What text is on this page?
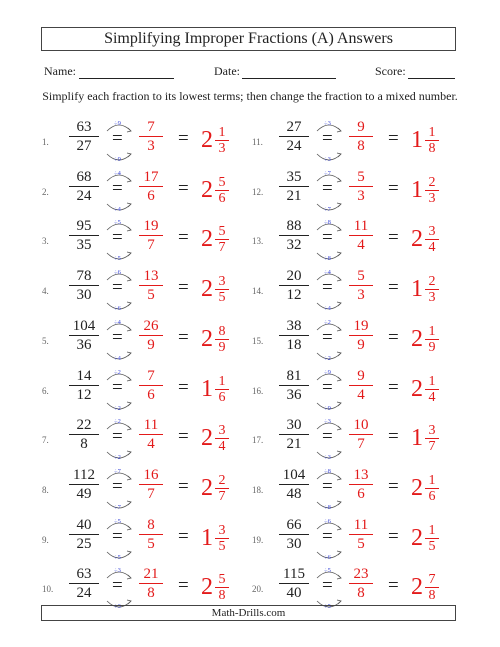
Simplifying Improper Fractions (A) Answers
Name:	Date:	Score:
Simplify each fraction to its lowest terms; then change the fraction to a mixed number.
1.
63
27
÷9
=
÷9
7
3	= 2 1
3
2.
68
24
÷4
=
÷4
17
6	= 2 5
6
3.
95
35
÷5
=
÷5
19
7	= 2 5
7
4.
78
30
÷6
=
÷6
13
5	= 2 3
5
5.
104
36
÷4
=
÷4
26
9	= 2 8
9
6.
14
12
÷2
=
÷2
7
6	= 1 1
6
7.
22
8
÷2
=
÷2
11
4	= 2 3
4
8.
112
49
÷7
=
÷7
16
7	= 2 2
7
9.
40
25
÷5
=
÷5
8
5	= 1 3
5
10.
63
24
÷3
=
÷3
21
8	= 2 5
8
11.
27
24
÷3
=
÷3
9
8	= 1 1
8
12.
35
21
÷7
=
÷7
5
3	= 1 2
3
13.
88
32
÷8
=
÷8
11
4	= 2 3
4
14.
20
12
÷4
=
÷4
5
3	= 1 2
3
15.
38
18
÷2
=
÷2
19
9	= 2 1
9
16.
81
36
÷9
=
÷9
9
4	= 2 1
4
17.
30
21
÷3
=
÷3
10
7	= 1 3
7
18.
104
48
÷8
=
÷8
13
6	= 2 1
6
19.
66
30
÷6
=
÷6
11
5	= 2 1
5
20.
115
40
÷5
=
÷5
23
8	= 2 7
8
Math-Drills.com
